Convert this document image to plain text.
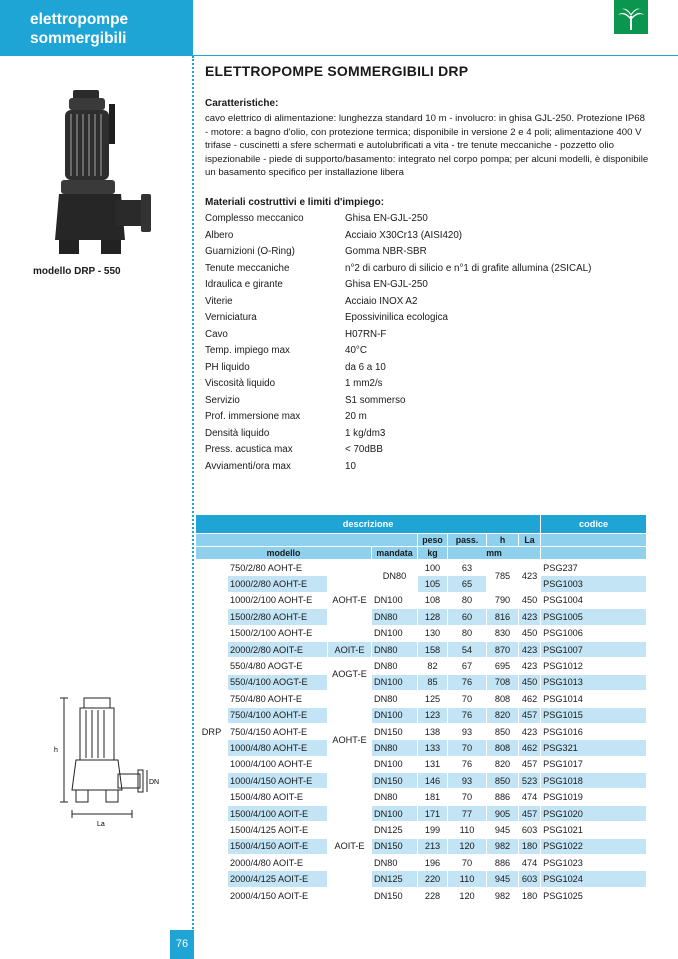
elettropompe
sommergibili
modello DRP - 550
h
DN
La
ELETTROPOMPE SOMMERGIBILI DRP
Caratteristiche:
cavo elettrico di alimentazione: lunghezza standard 10 m - involucro: in ghisa GJL-250. Protezione IP68 - motore: a bagno d'olio, con protezione termica; disponibile in versione 2 e 4 poli; alimentazione 400 V trifase - cuscinetti a sfere schermati e autolubrificati a vita - tre tenute meccaniche - pozzetto olio ispezionabile - piede di supporto/basamento: integrato nel corpo pompa; per alcuni modelli, è disponibile un basamento specifico per installazione libera
Materiali costruttivi e limiti d'impiego:
Complesso meccanico	Ghisa EN-GJL-250
Albero	Acciaio X30Cr13 (AISI420)
Guarnizioni (O-Ring)	Gomma NBR-SBR
Tenute meccaniche	n°2 di carburo di silicio e n°1 di grafite allumina (2SICAL)
Idraulica e girante	Ghisa EN-GJL-250
Viterie	Acciaio INOX A2
Verniciatura	Epossivinilica ecologica
Cavo	H07RN-F
Temp. impiego max	40°C
PH liquido	da 6 a 10
Viscosità liquido	1 mm2/s
Servizio	S1 sommerso
Prof. immersione max	20 m
Densità liquido	1 kg/dm3
Press. acustica max	< 70dBB
Avviamenti/ora max	10
descrizione								codice
				peso	pass.	h	La	
modello			mandata	kg	mm			
DRP	750/2/80 AOHT-E	AOHT-E	DN80	100	63	785	423	PSG237
	1000/2/80 AOHT-E			105	65			PSG1003
	1000/2/100 AOHT-E		DN100	108	80	790	450	PSG1004
	1500/2/80 AOHT-E		DN80	128	60	816	423	PSG1005
	1500/2/100 AOHT-E		DN100	130	80	830	450	PSG1006
	2000/2/80 AOIT-E	AOIT-E	DN80	158	54	870	423	PSG1007
	550/4/80 AOGT-E	AOGT-E	DN80	82	67	695	423	PSG1012
	550/4/100 AOGT-E		DN100	85	76	708	450	PSG1013
	750/4/80 AOHT-E	AOHT-E	DN80	125	70	808	462	PSG1014
	750/4/100 AOHT-E		DN100	123	76	820	457	PSG1015
	750/4/150 AOHT-E		DN150	138	93	850	423	PSG1016
	1000/4/80 AOHT-E		DN80	133	70	808	462	PSG321
	1000/4/100 AOHT-E		DN100	131	76	820	457	PSG1017
	1000/4/150 AOHT-E		DN150	146	93	850	523	PSG1018
	1500/4/80 AOIT-E	AOIT-E	DN80	181	70	886	474	PSG1019
	1500/4/100 AOIT-E		DN100	171	77	905	457	PSG1020
	1500/4/125 AOIT-E		DN125	199	110	945	603	PSG1021
	1500/4/150 AOIT-E		DN150	213	120	982	180	PSG1022
	2000/4/80 AOIT-E		DN80	196	70	886	474	PSG1023
	2000/4/125 AOIT-E		DN125	220	110	945	603	PSG1024
	2000/4/150 AOIT-E		DN150	228	120	982	180	PSG1025
76
